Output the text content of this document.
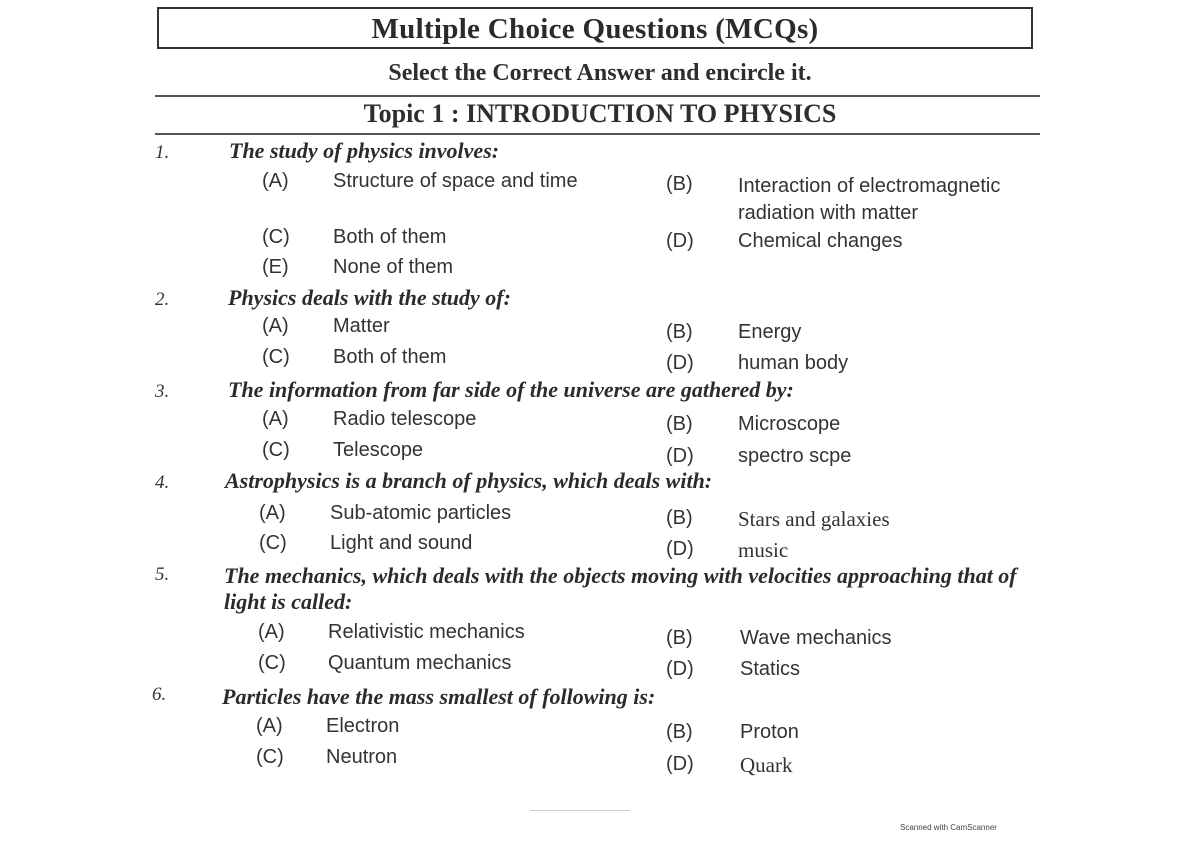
Multiple Choice Questions (MCQs)
Select the Correct Answer and encircle it.
Topic 1 : INTRODUCTION TO PHYSICS
1.	The study of physics involves:
(A) Structure of space and time	(B) Interaction of electromagnetic radiation with matter
(C) Both of them	(D) Chemical changes
(E) None of them
2.	Physics deals with the study of:
(A) Matter	(B) Energy
(C) Both of them	(D) human body
3.	The information from far side of the universe are gathered by:
(A) Radio telescope	(B) Microscope
(C) Telescope	(D) spectro scpe
4.	Astrophysics is a branch of physics, which deals with:
(A) Sub-atomic particles	(B) Stars and galaxies
(C) Light and sound	(D) music
5. The mechanics, which deals with the objects moving with velocities approaching that of light is called:
(A) Relativistic mechanics	(B) Wave mechanics
(C) Quantum mechanics	(D) Statics
6.	Particles have the mass smallest of following is:
(A) Electron	(B) Proton
(C) Neutron	(D) Quark
Scanned with CamScanner
